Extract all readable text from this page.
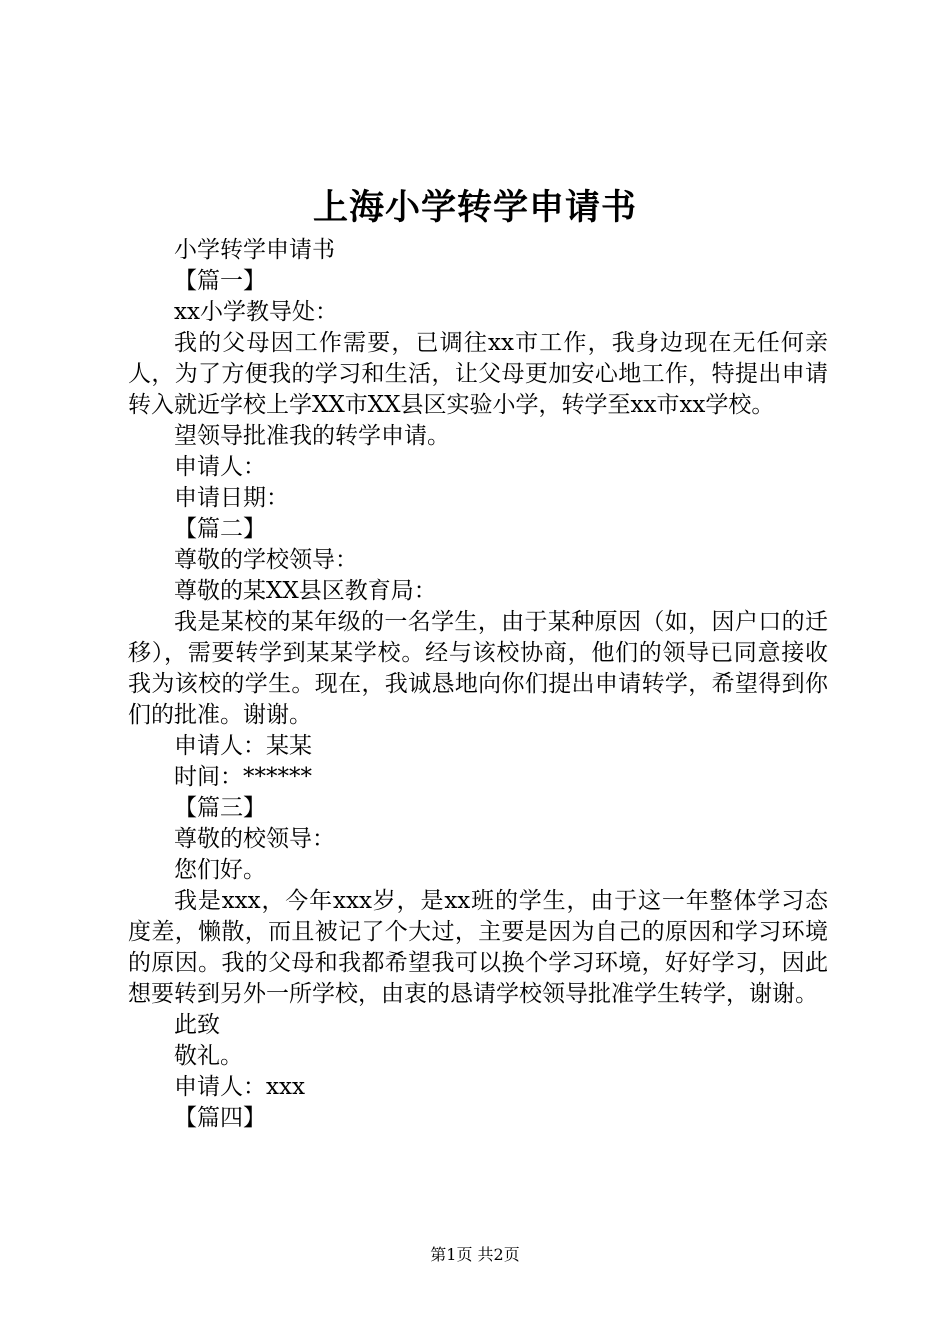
上海小学转学申请书

小学转学申请书

【篇一】

xx小学教导处：

我的父母因工作需要，已调往xx市工作，我身边现在无任何亲人，为了方便我的学习和生活，让父母更加安心地工作，特提出申请转入就近学校上学XX市XX县区实验小学，转学至xx市xx学校。

望领导批准我的转学申请。

申请人：

申请日期：

【篇二】

尊敬的学校领导：

尊敬的某XX县区教育局：

我是某校的某年级的一名学生，由于某种原因（如，因户口的迁移），需要转学到某某学校。经与该校协商，他们的领导已同意接收我为该校的学生。现在，我诚恳地向你们提出申请转学，希望得到你们的批准。谢谢。

申请人：某某

时间：******

【篇三】

尊敬的校领导：

您们好。

我是xxx，今年xxx岁，是xx班的学生，由于这一年整体学习态度差，懒散，而且被记了个大过，主要是因为自己的原因和学习环境的原因。我的父母和我都希望我可以换个学习环境，好好学习，因此想要转到另外一所学校，由衷的恳请学校领导批准学生转学，谢谢。

此致

敬礼。

申请人：xxx

【篇四】

第1页 共2页
